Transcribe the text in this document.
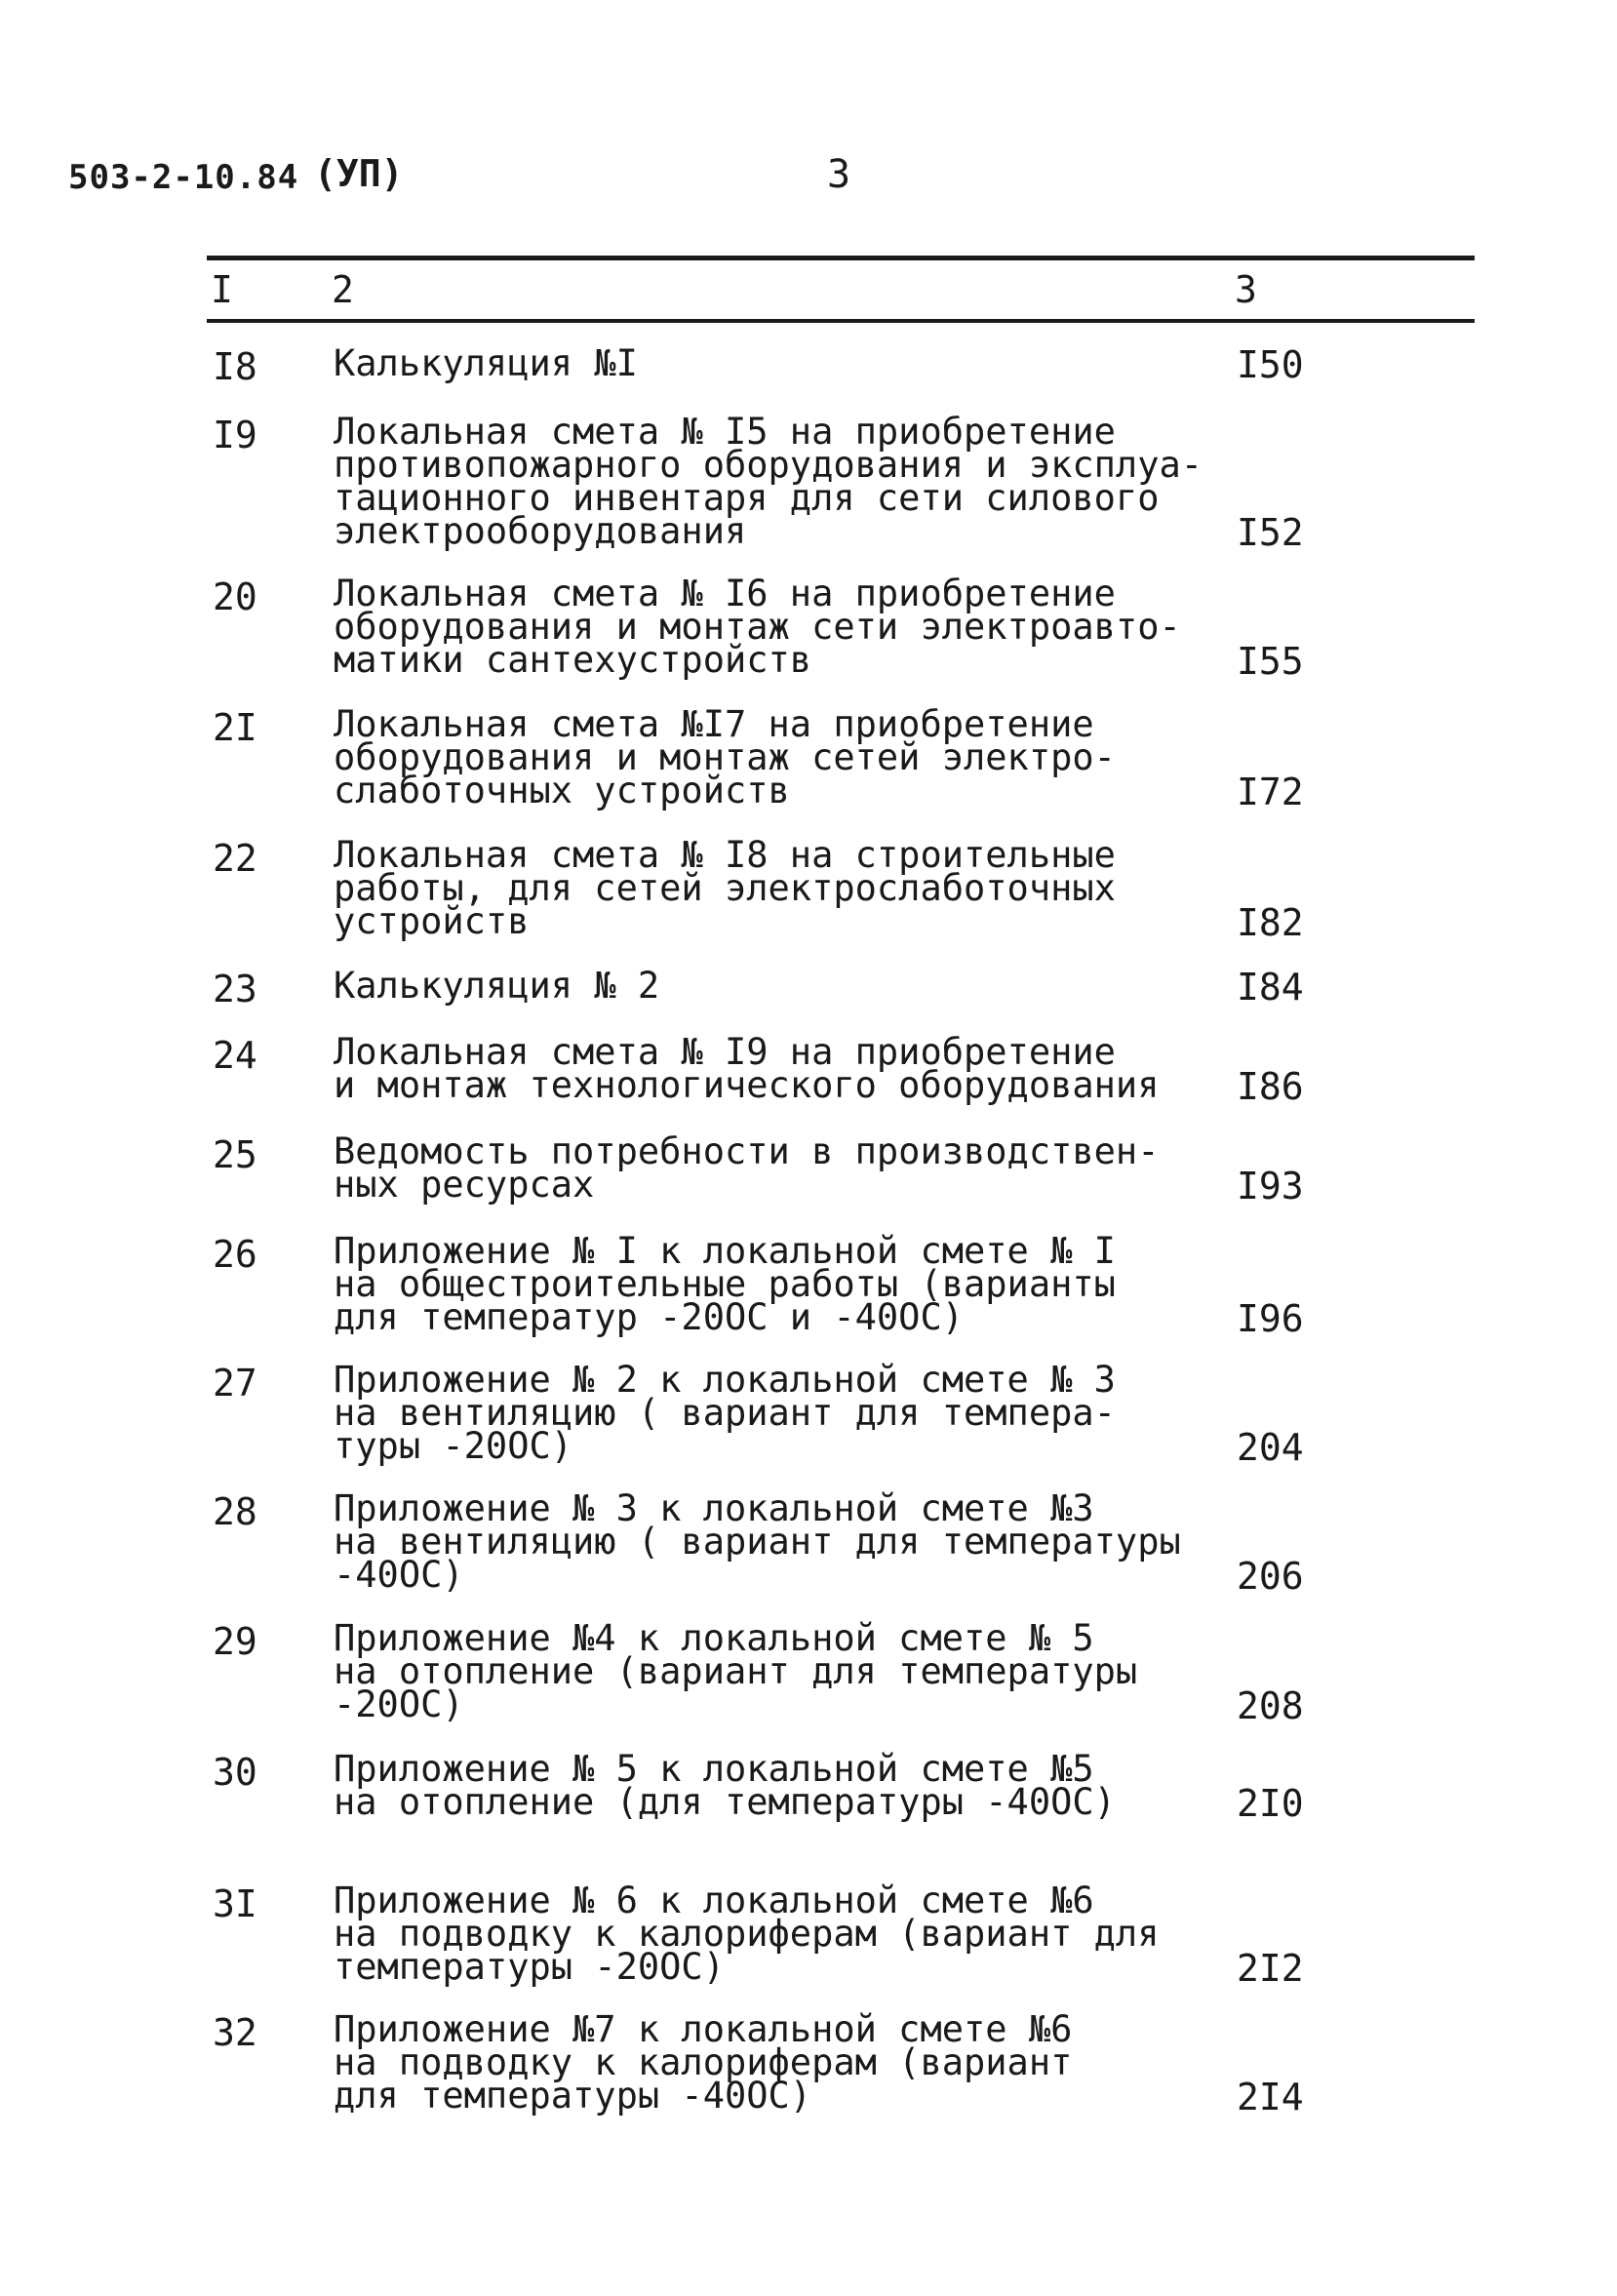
503-2-10.84 (УП)	3
I	2	3
I8 Калькуляция №I	I50
I9 Локальная смета № I5 на приобретение
противопожарного оборудования и эксплуа-
тационного инвентаря для сети силового
электрооборудования	I52
20 Локальная смета № I6 на приобретение
оборудования и монтаж сети электроавто-
матики сантехустройств	I55
2I Локальная смета №I7 на приобретение
оборудования и монтаж сетей электро-
слаботочных устройств	I72
22 Локальная смета № I8 на строительные
работы, для сетей электрослаботочных
устройств	I82
23 Калькуляция № 2	I84
24 Локальная смета № I9 на приобретение
и монтаж технологического оборудования	I86
25 Ведомость потребности в производствен-
ных ресурсах	I93
26 Приложение № I к локальной смете № I
на общестроительные работы (варианты
для температур -20ОС и -40ОС)	I96
27 Приложение № 2 к локальной смете № 3
на вентиляцию ( вариант для темпера-
туры -20ОС)	204
28 Приложение № 3 к локальной смете №3
на вентиляцию ( вариант для температуры
-40ОС)	206
29 Приложение №4 к локальной смете № 5
на отопление (вариант для температуры
-20ОС)	208
30 Приложение № 5 к локальной смете №5
на отопление (для температуры -40ОС)	2I0
3I Приложение № 6 к локальной смете №6
на подводку к калориферам (вариант для
температуры -20ОС)	2I2
32 Приложение №7 к локальной смете №6
на подводку к калориферам (вариант
для температуры -40ОС)	2I4
